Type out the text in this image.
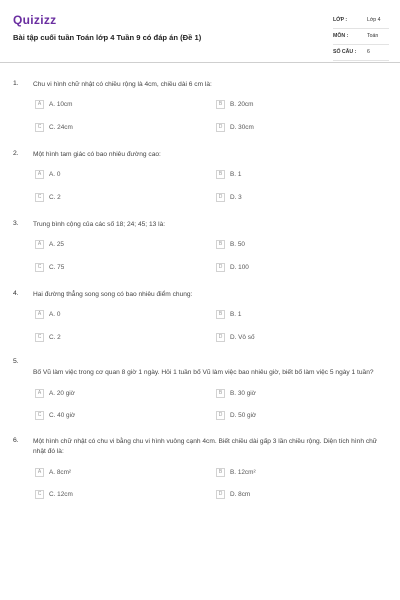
Quizizz
Bài tập cuối tuần Toán lớp 4 Tuần 9 có đáp án (Đề 1)
LỚP :	Lớp 4
MÔN :	Toán
SỐ CÂU : 6
1. Chu vi hình chữ nhật có chiều rộng là 4cm, chiều dài 6 cm là:
A	A. 10cm	B	B. 20cm
C	C. 24cm	D	D. 30cm
2. Một hình tam giác có bao nhiêu đường cao:
A	A. 0	B	B. 1
C	C. 2	D	D. 3
3. Trung bình cộng của các số 18; 24; 45; 13 là:
A	A. 25	B	B. 50
C	C. 75	D	D. 100
4. Hai đường thẳng song song có bao nhiêu điểm chung:
A	A. 0	B	B. 1
C	C. 2	D	D. Vô số
5.
Bố Vũ làm việc trong cơ quan 8 giờ 1 ngày. Hỏi 1 tuần bố Vũ làm việc bao nhiêu giờ, biết bố làm việc 5 ngày 1 tuần?
A	A. 20 giờ	B	B. 30 giờ
C	C. 40 giờ	D	D. 50 giờ
6. Một hình chữ nhật có chu vi bằng chu vi hình vuông cạnh 4cm. Biết chiều dài gấp 3 lần chiều rộng. Diện tích hình chữ nhật đó là:
A	A. 8cm²	B	B. 12cm²
C	C. 12cm	D	D. 8cm
